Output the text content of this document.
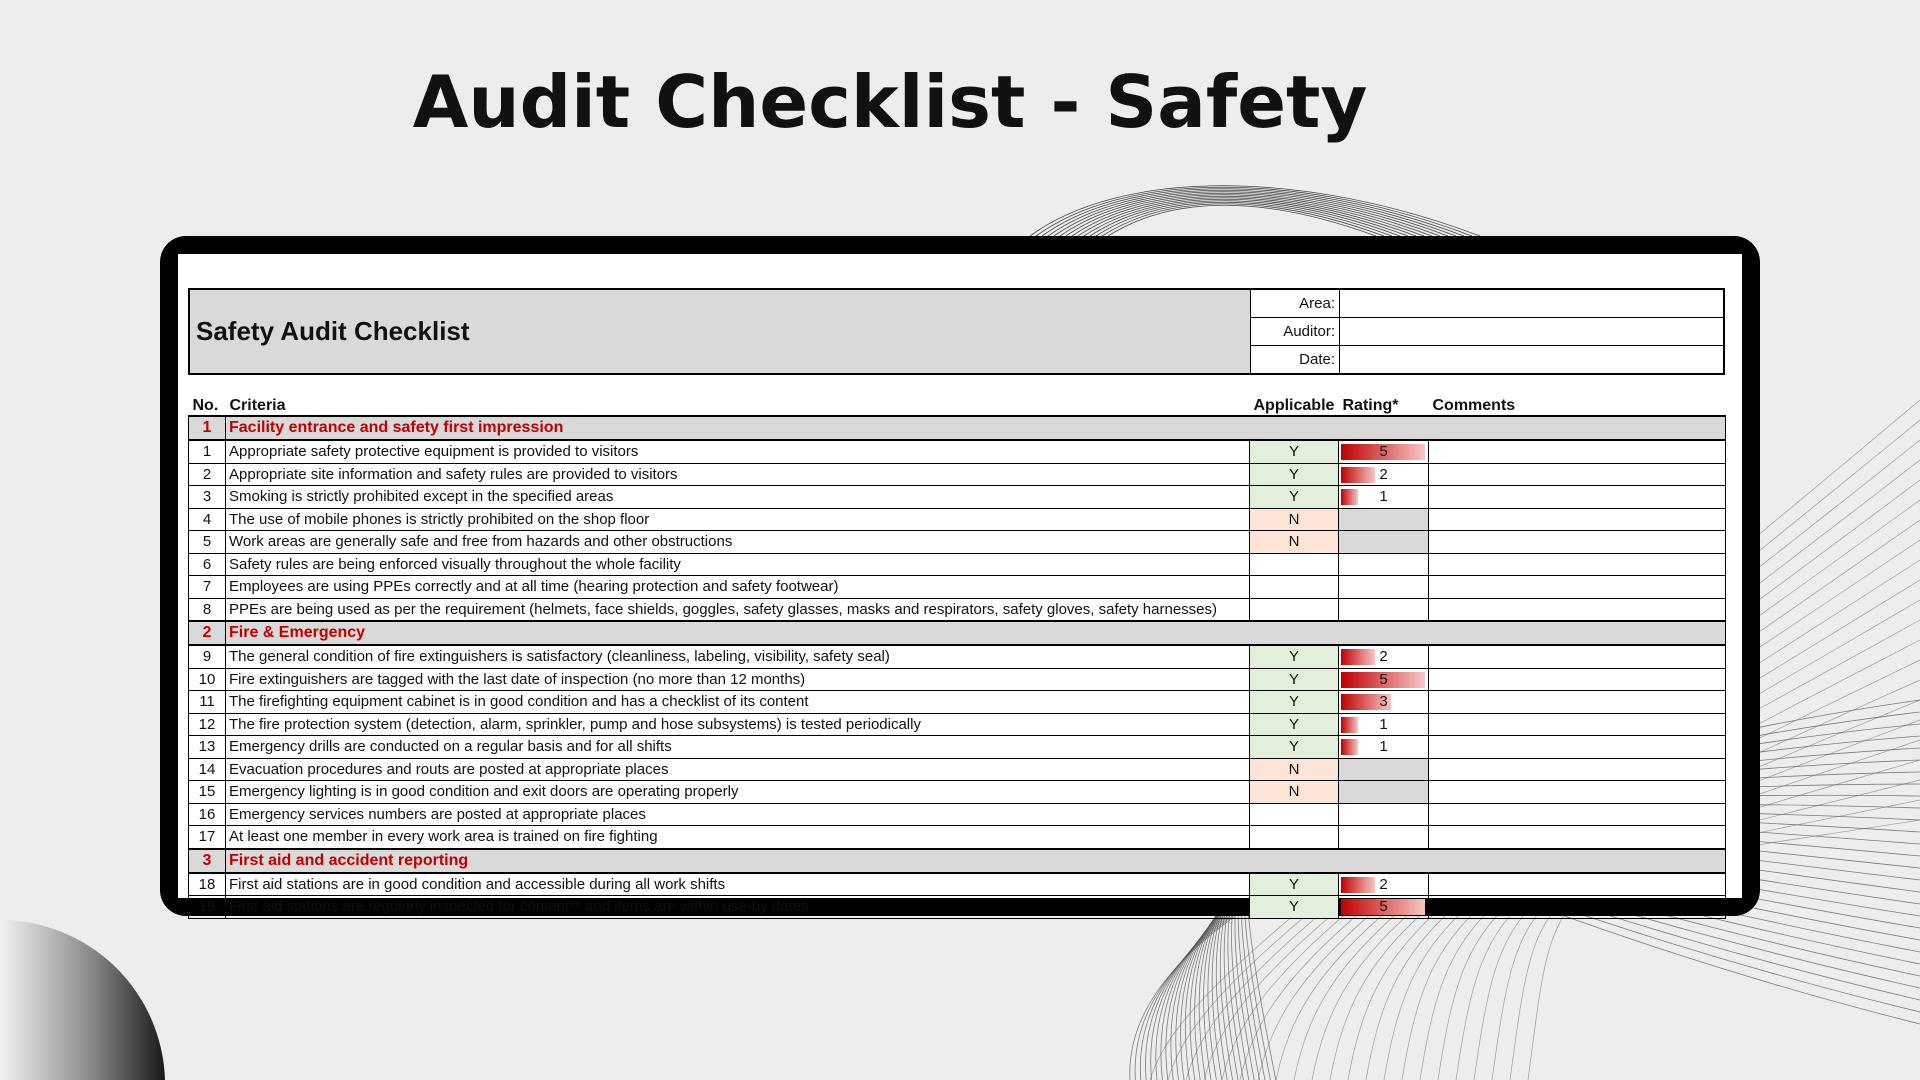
Audit Checklist - Safety
Safety Audit Checklist
Area:
Auditor:
Date:
No.	Criteria	Applicable	Rating*	Comments
1	Facility entrance and safety first impression			
1	Appropriate safety protective equipment is provided to visitors	Y	5	

2	Appropriate site information and safety rules are provided to visitors	Y	2	

3	Smoking is strictly prohibited except in the specified areas	Y	1	

4	The use of mobile phones is strictly prohibited on the shop floor	N		
5	Work areas are generally safe and free from hazards and other obstructions	N		
6	Safety rules are being enforced visually throughout the whole facility			
7	Employees are using PPEs correctly and at all time (hearing protection and safety footwear)			
8	PPEs are being used as per the requirement (helmets, face shields, goggles, safety glasses, masks and respirators, safety gloves, safety harnesses)			
2	Fire & Emergency			
9	The general condition of fire extinguishers is satisfactory (cleanliness, labeling, visibility, safety seal)	Y	2	

10	Fire extinguishers are tagged with the last date of inspection (no more than 12 months)	Y	5	

11	The firefighting equipment cabinet is in good condition and has a checklist of its content	Y	3	

12	The fire protection system (detection, alarm, sprinkler, pump and hose subsystems) is tested periodically	Y	1	

13	Emergency drills are conducted on a regular basis and for all shifts	Y	1	

14	Evacuation procedures and routs are posted at appropriate places	N		
15	Emergency lighting is in good condition and exit doors are operating properly	N		
16	Emergency services numbers are posted at appropriate places			
17	At least one member in every work area is trained on fire fighting			
3	First aid and accident reporting			
18	First aid stations are in good condition and accessible during all work shifts	Y	2	

19	First aid stations are regularly inspected for content** and items are within use-by dates	Y	5	
